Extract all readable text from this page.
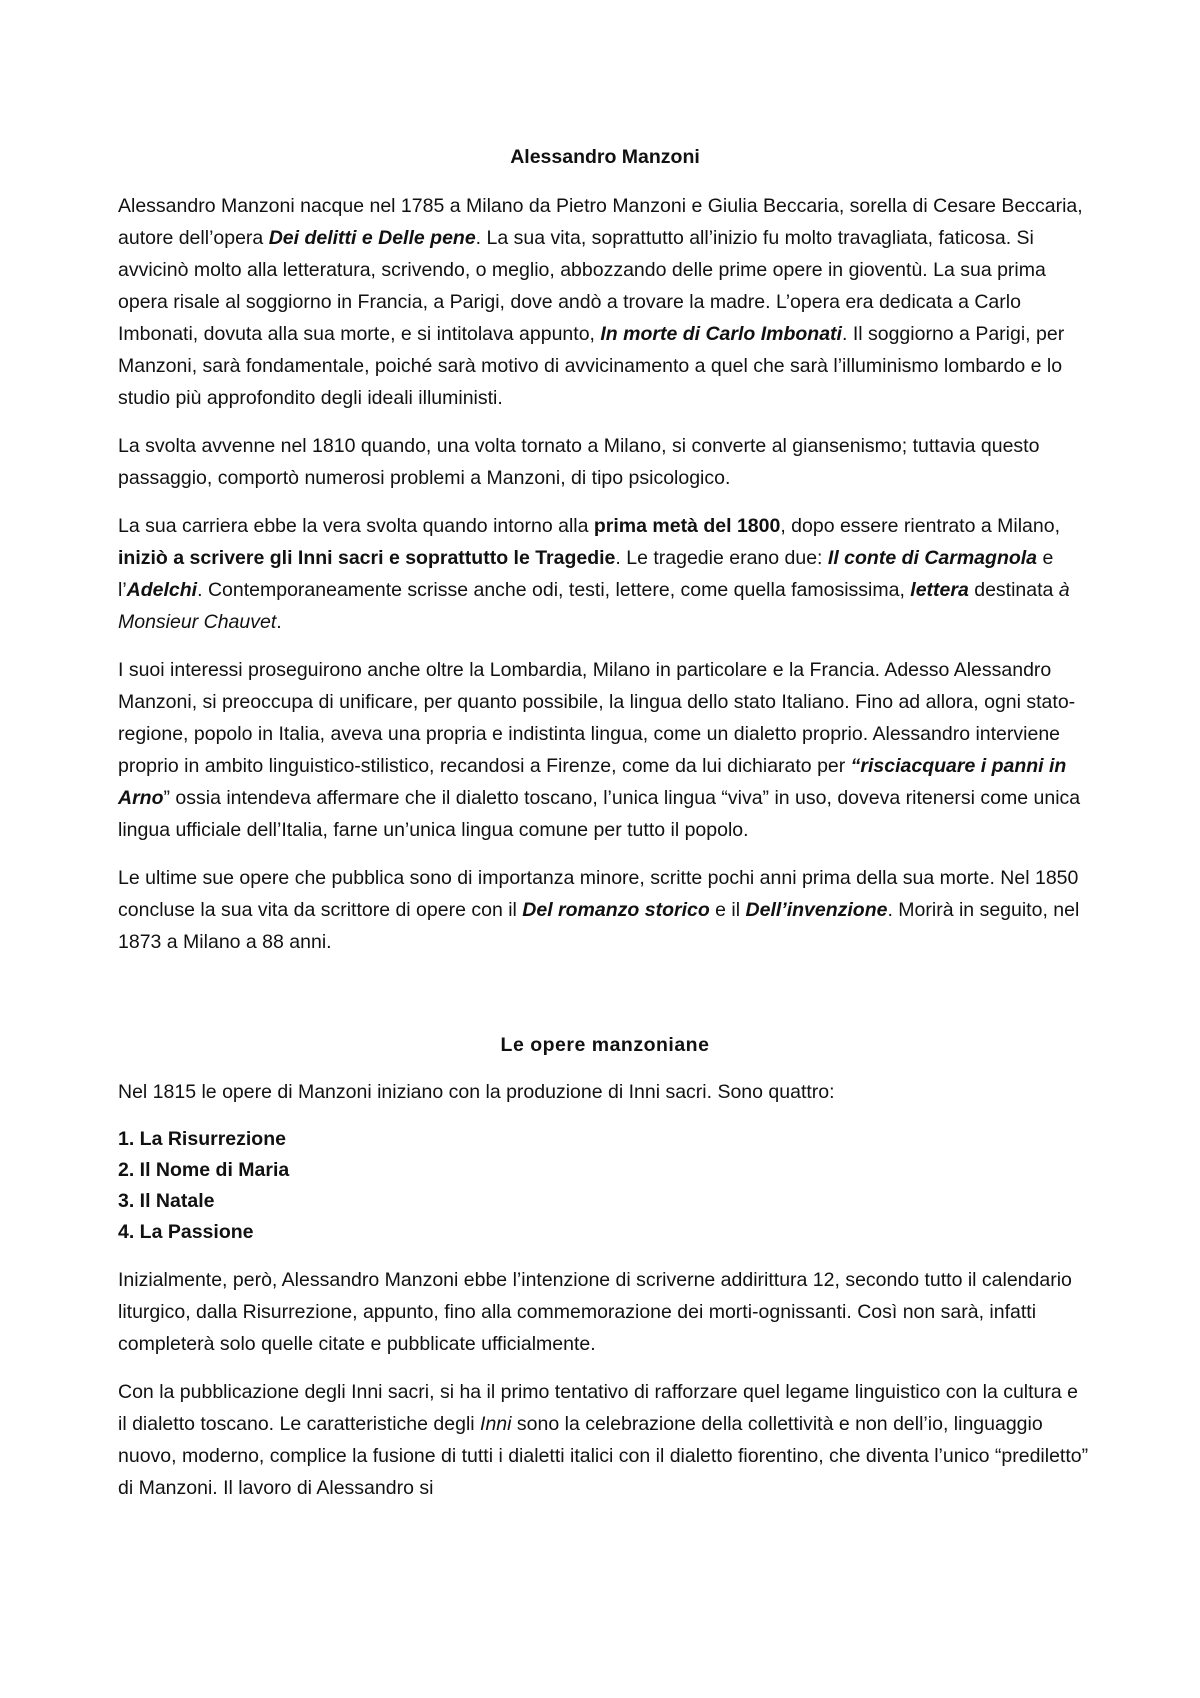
Alessandro Manzoni

Alessandro Manzoni nacque nel 1785 a Milano da Pietro Manzoni e Giulia Beccaria, sorella di Cesare Beccaria, autore dell’opera Dei delitti e Delle pene. La sua vita, soprattutto all’inizio fu molto travagliata, faticosa. Si avvicinò molto alla letteratura, scrivendo, o meglio, abbozzando delle prime opere in gioventù. La sua prima opera risale al soggiorno in Francia, a Parigi, dove andò a trovare la madre. L’opera era dedicata a Carlo Imbonati, dovuta alla sua morte, e si intitolava appunto, In morte di Carlo Imbonati. Il soggiorno a Parigi, per Manzoni, sarà fondamentale, poiché sarà motivo di avvicinamento a quel che sarà l’illuminismo lombardo e lo studio più approfondito degli ideali illuministi.

La svolta avvenne nel 1810 quando, una volta tornato a Milano, si converte al giansenismo; tuttavia questo passaggio, comportò numerosi problemi a Manzoni, di tipo psicologico.

La sua carriera ebbe la vera svolta quando intorno alla prima metà del 1800, dopo essere rientrato a Milano, iniziò a scrivere gli Inni sacri e soprattutto le Tragedie. Le tragedie erano due: Il conte di Carmagnola e l’Adelchi. Contemporaneamente scrisse anche odi, testi, lettere, come quella famosissima, lettera destinata à Monsieur Chauvet.

I suoi interessi proseguirono anche oltre la Lombardia, Milano in particolare e la Francia. Adesso Alessandro Manzoni, si preoccupa di unificare, per quanto possibile, la lingua dello stato Italiano. Fino ad allora, ogni stato-regione, popolo in Italia, aveva una propria e indistinta lingua, come un dialetto proprio. Alessandro interviene proprio in ambito linguistico-stilistico, recandosi a Firenze, come da lui dichiarato per “risciacquare i panni in Arno” ossia intendeva affermare che il dialetto toscano, l’unica lingua “viva” in uso, doveva ritenersi come unica lingua ufficiale dell’Italia, farne un’unica lingua comune per tutto il popolo.

Le ultime sue opere che pubblica sono di importanza minore, scritte pochi anni prima della sua morte. Nel 1850 concluse la sua vita da scrittore di opere con il Del romanzo storico e il Dell’invenzione. Morirà in seguito, nel 1873 a Milano a 88 anni.

Le opere manzoniane

Nel 1815 le opere di Manzoni iniziano con la produzione di Inni sacri. Sono quattro:

1. La Risurrezione
2. Il Nome di Maria
3. Il Natale
4. La Passione

Inizialmente, però, Alessandro Manzoni ebbe l’intenzione di scriverne addirittura 12, secondo tutto il calendario liturgico, dalla Risurrezione, appunto, fino alla commemorazione dei morti-ognissanti. Così non sarà, infatti completerà solo quelle citate e pubblicate ufficialmente.

Con la pubblicazione degli Inni sacri, si ha il primo tentativo di rafforzare quel legame linguistico con la cultura e il dialetto toscano. Le caratteristiche degli Inni sono la celebrazione della collettività e non dell’io, linguaggio nuovo, moderno, complice la fusione di tutti i dialetti italici con il dialetto fiorentino, che diventa l’unico “prediletto” di Manzoni. Il lavoro di Alessandro si
